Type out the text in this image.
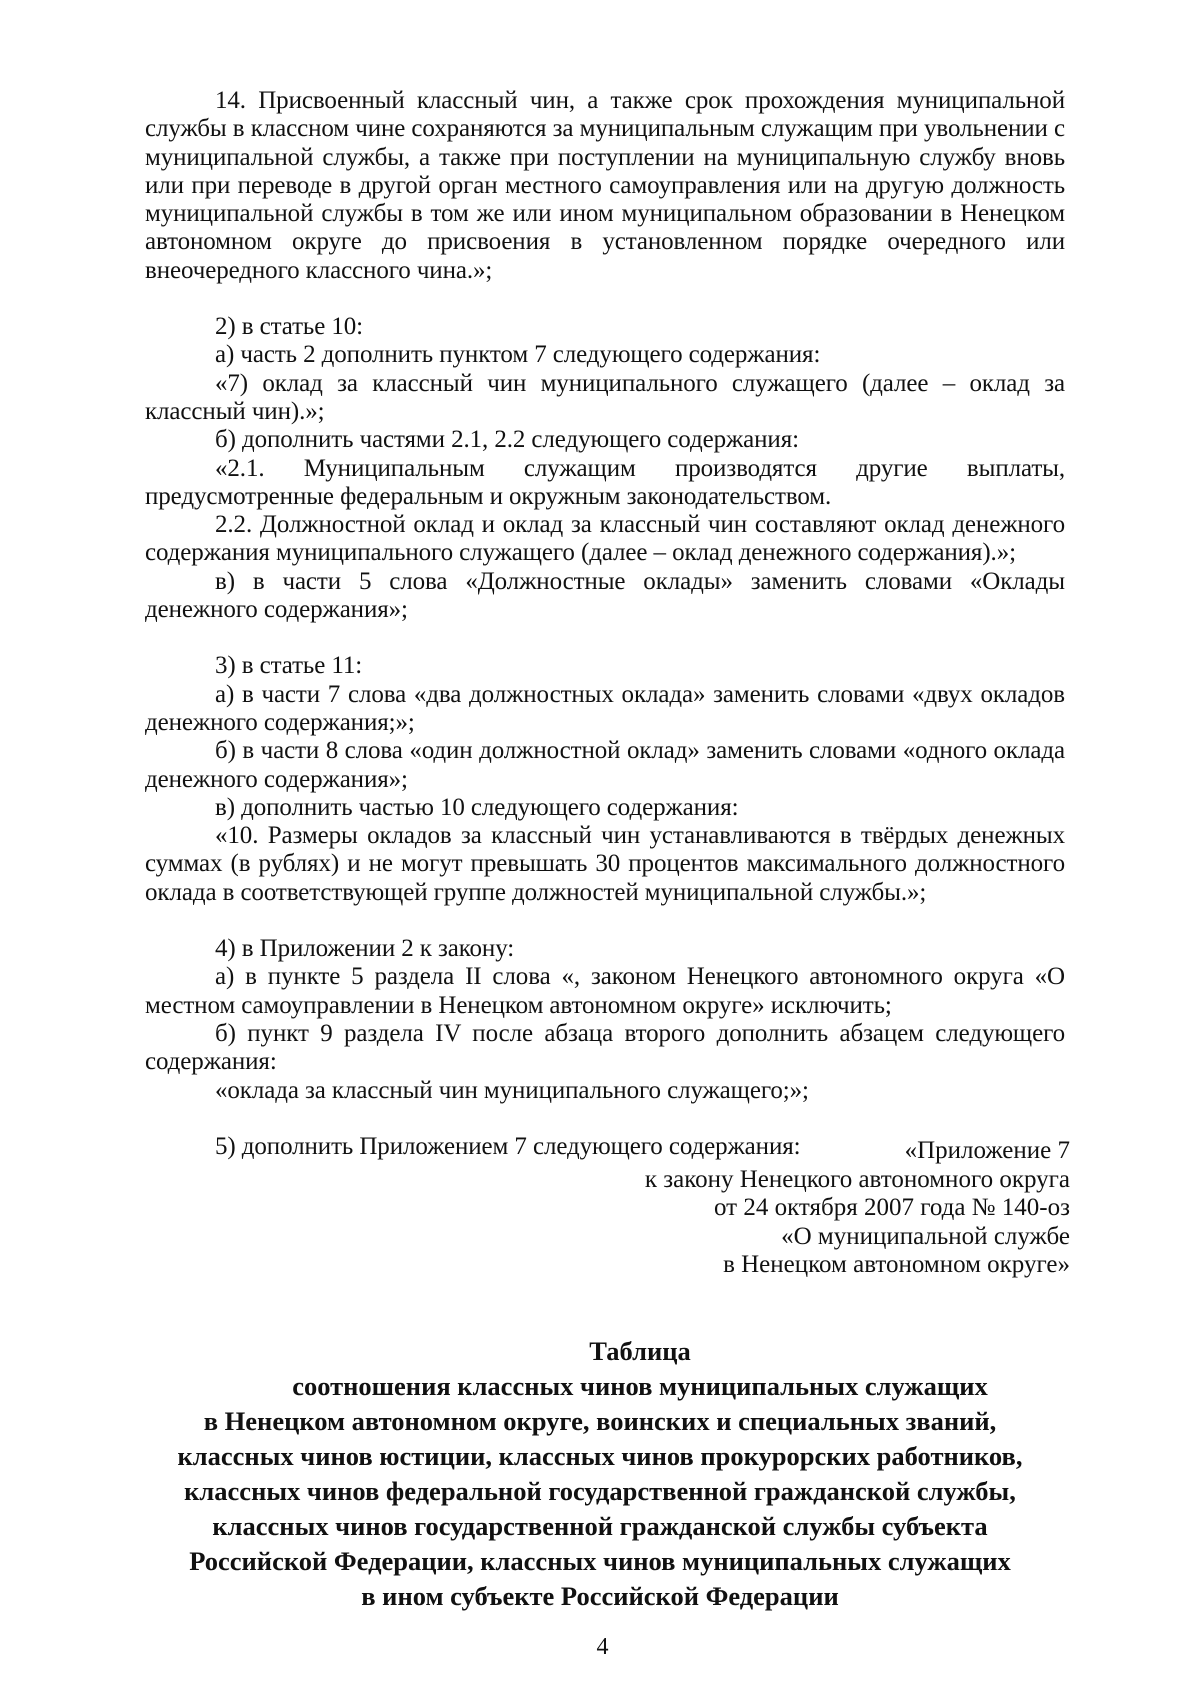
14. Присвоенный классный чин, а также срок прохождения муниципальной службы в классном чине сохраняются за муниципальным служащим при увольнении с муниципальной службы, а также при поступлении на муниципальную службу вновь или при переводе в другой орган местного самоуправления или на другую должность муниципальной службы в том же или ином муниципальном образовании в Ненецком автономном округе до присвоения в установленном порядке очередного или внеочередного классного чина.»;

2) в статье 10:

а) часть 2 дополнить пунктом 7 следующего содержания:

«7) оклад за классный чин муниципального служащего (далее – оклад за классный чин).»;

б) дополнить частями 2.1, 2.2 следующего содержания:

«2.1. Муниципальным служащим производятся другие выплаты, предусмотренные федеральным и окружным законодательством.

2.2. Должностной оклад и оклад за классный чин составляют оклад денежного содержания муниципального служащего (далее – оклад денежного содержания).»;

в) в части 5 слова «Должностные оклады» заменить словами «Оклады денежного содержания»;

3) в статье 11:

а) в части 7 слова «два должностных оклада» заменить словами «двух окладов денежного содержания;»;

б) в части 8 слова «один должностной оклад» заменить словами «одного оклада денежного содержания»;

в) дополнить частью 10 следующего содержания:

«10. Размеры окладов за классный чин устанавливаются в твёрдых денежных суммах (в рублях) и не могут превышать 30 процентов максимального должностного оклада в соответствующей группе должностей муниципальной службы.»;

4) в Приложении 2 к закону:

а) в пункте 5 раздела II слова «, законом Ненецкого автономного округа «О местном самоуправлении в Ненецком автономном округе» исключить;

б) пункт 9 раздела IV после абзаца второго дополнить абзацем следующего содержания:

«оклада за классный чин муниципального служащего;»;

5) дополнить Приложением 7 следующего содержания:	«Приложение 7
к закону Ненецкого автономного округа
от 24 октября 2007 года № 140-оз
«О муниципальной службе
в Ненецком автономном округе»
Таблица
соотношения классных чинов муниципальных служащих
в Ненецком автономном округе, воинских и специальных званий,
классных чинов юстиции, классных чинов прокурорских работников,
классных чинов федеральной государственной гражданской службы,
классных чинов государственной гражданской службы субъекта
Российской Федерации, классных чинов муниципальных служащих
в ином субъекте Российской Федерации
4
